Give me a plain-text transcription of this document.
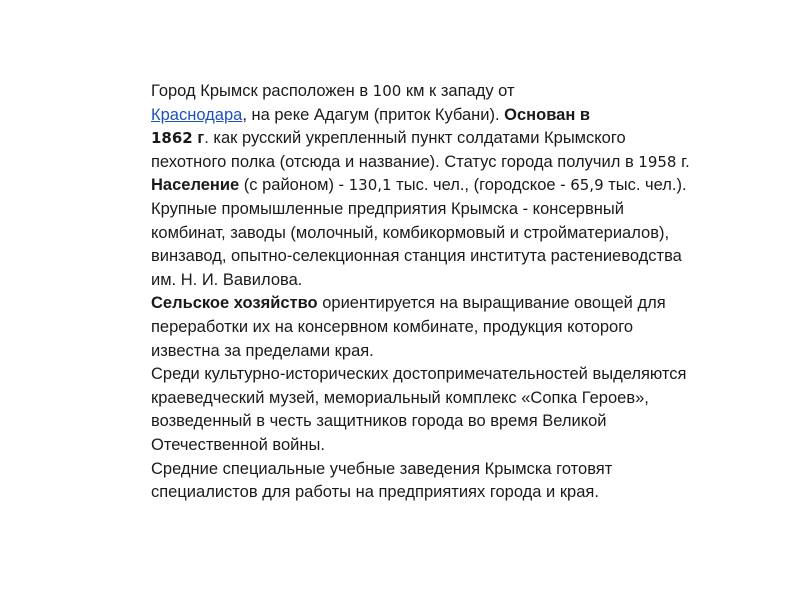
Город Крымск расположен в 100 км к западу от
Краснодара, на реке Адагум (приток Кубани). Основан в
1862 г. как русский укрепленный пункт солдатами Крымского пехотного полка (отсюда и название). Статус города получил в 1958 г. Население (с районом) - 130,1 тыс. чел., (городское - 65,9 тыс. чел.). Крупные промышленные предприятия Крымска - консервный комбинат, заводы (молочный, комбикормовый и стройматериалов), винзавод, опытно-селекционная станция института растениеводства им. Н. И. Вавилова.
Сельское хозяйство ориентируется на выращивание овощей для переработки их на консервном комбинате, продукция которого известна за пределами края.

Среди культурно-исторических достопримечательностей выделяются краеведческий музей, мемориальный комплекс «Сопка Героев», возведенный в честь защитников города во время Великой Отечественной войны.

Средние специальные учебные заведения Крымска готовят специалистов для работы на предприятиях города и края.
